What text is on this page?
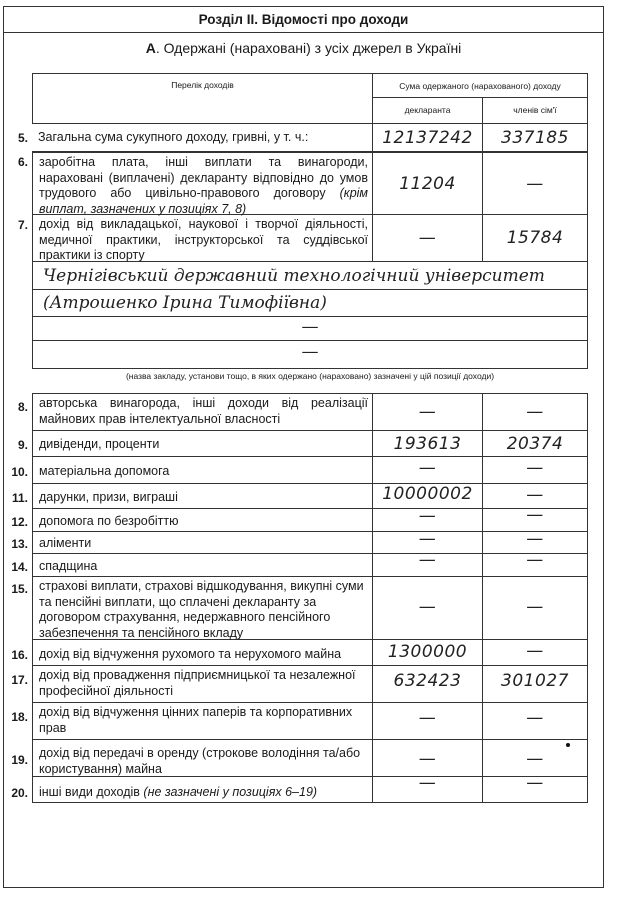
Розділ II. Відомості про доходи
А. Одержані (нараховані) з усіх джерел в Україні
Перелік доходів	Сума одержаного (нарахованого) доходу
декларанта	членів сім'ї
5. Загальна сума сукупного доходу, гривні, у т. ч.:	12137242	337185
6. заробітна плата, інші виплати та винагороди, нараховані (виплачені) декларанту відповідно до умов трудового або цивільно-правового договору (крім виплат, зазначених у позиціях 7, 8)
11204	—
7. дохід від викладацької, наукової і творчої діяльності, медичної практики, інструкторської та суддівської практики із спорту
—	15784
Чернігівський державний технологічний університет
(Атрошенко Ірина Тимофіївна)
—
—
(назва закладу, установи тощо, в яких одержано (нараховано) зазначені у цій позиції доходи)
8. авторська винагорода, інші доходи від реалізації майнових прав інтелектуальної власності	—	—
9. дивіденди, проценти	193613	20374
10. матеріальна допомога	—	—
11. дарунки, призи, виграші	10000002	—
12. допомога по безробіттю	—	—
13. аліменти	—	—
14. спадщина	—	—
15. страхові виплати, страхові відшкодування, викупні суми та пенсійні виплати, що сплачені декларанту за договором страхування, недержавного пенсійного забезпечення та пенсійного вкладу
—	—
16. дохід від відчуження рухомого та нерухомого майна	1300000	—
17. дохід від провадження підприємницької та незалежної професійної діяльності	632423	301027
18. дохід від відчуження цінних паперів та корпоративних прав	—	—
19. дохід від передачі в оренду (строкове володіння та/або користування) майна	—	—
20. інші види доходів (не зазначені у позиціях 6–19)	—	—
